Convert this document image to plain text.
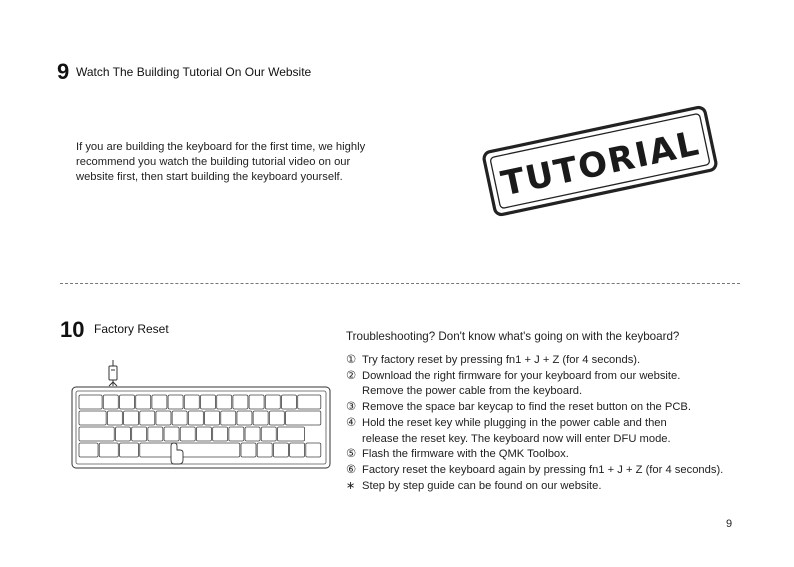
9 Watch The Building Tutorial On Our Website
If you are building the keyboard for the first time, we highly
recommend you watch the building tutorial video on our
website first, then start building the keyboard yourself.	TUTORIAL
10 Factory Reset
Troubleshooting? Don't know what's going on with the keyboard?
① Try factory reset by pressing fn1 + J + Z (for 4 seconds).
② Download the right firmware for your keyboard from our website.
Remove the power cable from the keyboard.
③ Remove the space bar keycap to find the reset button on the PCB.
④ Hold the reset key while plugging in the power cable and then
release the reset key. The keyboard now will enter DFU mode.
⑤ Flash the firmware with the QMK Toolbox.
⑥ Factory reset the keyboard again by pressing fn1 + J + Z (for 4 seconds).
∗ Step by step guide can be found on our website.
9
